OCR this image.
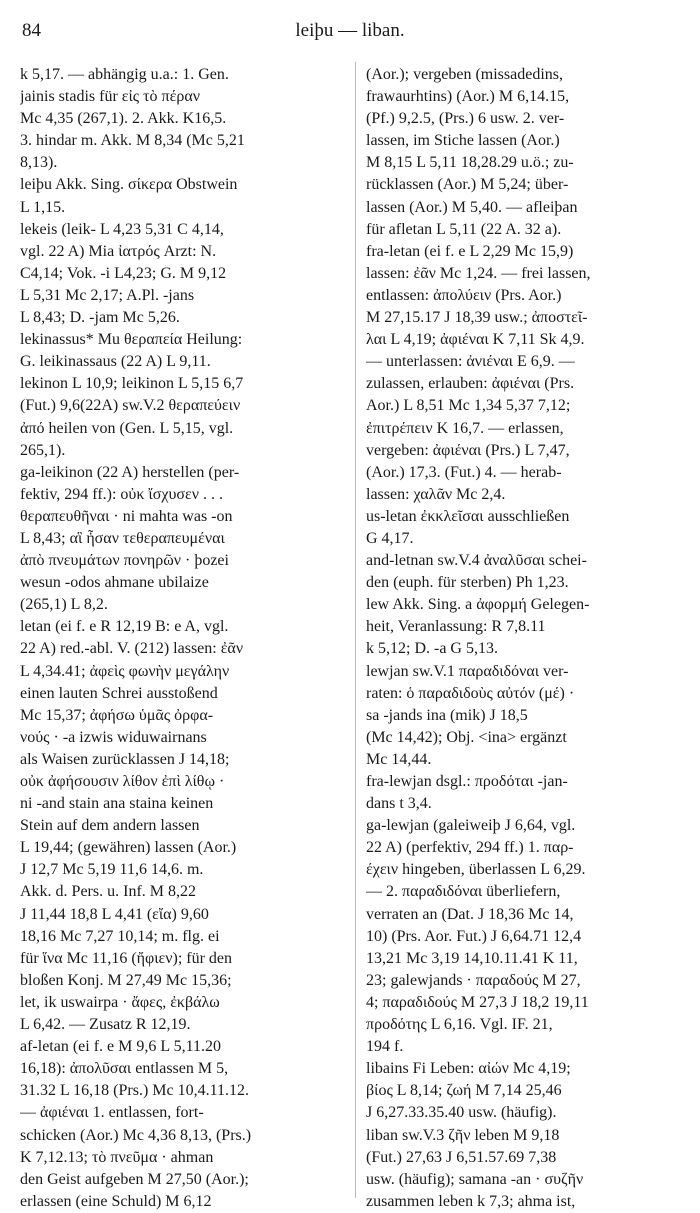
84	leiþu — liban.
k 5,17. — abhängig u.a.: 1. Gen.
jainis stadis für εἰς τὸ πέραν
Mc 4,35 (267,1). 2. Akk. K16,5.
3. hindar m. Akk. M 8,34 (Mc 5,21
8,13).
leiþu Akk. Sing. σίκερα Obstwein
L 1,15.
lekeis (leik- L 4,23 5,31 C 4,14,
vgl. 22 A) Mia ἰατρός Arzt: N.
C4,14; Vok. -i L4,23; G. M 9,12
L 5,31 Mc 2,17; A.Pl. -jans
L 8,43; D. -jam Mc 5,26.
lekinassus* Mu θεραπεία Heilung:
G. leikinassaus (22 A) L 9,11.
lekinon L 10,9; leikinon L 5,15 6,7
(Fut.) 9,6(22A) sw.V.2 θεραπεύειν
ἀπό heilen von (Gen. L 5,15, vgl.
265,1).
ga-leikinon (22 A) herstellen (per-
fektiv, 294 ff.): οὐκ ἴσχυσεν . . .
θεραπευθῆναι · ni mahta was -on
L 8,43; αἳ ἦσαν τεθεραπευμέναι
ἀπὸ πνευμάτων πονηρῶν · þozei
wesun -odos ahmane ubilaize
(265,1) L 8,2.
letan (ei f. e R 12,19 B: e A, vgl.
22 A) red.-abl. V. (212) lassen: ἐᾶν
L 4,34.41; ἀφεὶς φωνὴν μεγάλην
einen lauten Schrei ausstoßend
Mc 15,37; ἀφήσω ὑμᾶς ὀρφα-
νούς · -a izwis widuwairnans
als Waisen zurücklassen J 14,18;
οὐκ ἀφήσουσιν λίθον ἐπὶ λίθῳ ·
ni -and stain ana staina keinen
Stein auf dem andern lassen
L 19,44; (gewähren) lassen (Aor.)
J 12,7 Mc 5,19 11,6 14,6. m.
Akk. d. Pers. u. Inf. M 8,22
J 11,44 18,8 L 4,41 (εἴα) 9,60
18,16 Mc 7,27 10,14; m. flg. ei
für ἵνα Mc 11,16 (ἤφιεν); für den
bloßen Konj. M 27,49 Mc 15,36;
let, ik uswairpa · ἄφες, ἐκβάλω
L 6,42. — Zusatz R 12,19.
af-letan (ei f. e M 9,6 L 5,11.20
16,18): ἀπολῦσαι entlassen M 5,
31.32 L 16,18 (Prs.) Mc 10,4.11.12.
— ἀφιέναι 1. entlassen, fort-
schicken (Aor.) Mc 4,36 8,13, (Prs.)
K 7,12.13; τὸ πνεῦμα · ahman
den Geist aufgeben M 27,50 (Aor.);
erlassen (eine Schuld) M 6,12
(Aor.); vergeben (missadedins,
frawaurhtins) (Aor.) M 6,14.15,
(Pf.) 9,2.5, (Prs.) 6 usw. 2. ver-
lassen, im Stiche lassen (Aor.)
M 8,15 L 5,11 18,28.29 u.ö.; zu-
rücklassen (Aor.) M 5,24; über-
lassen (Aor.) M 5,40. — afleiþan
für afletan L 5,11 (22 A. 32 a).
fra-letan (ei f. e L 2,29 Mc 15,9)
lassen: ἐᾶν Mc 1,24. — frei lassen,
entlassen: ἀπολύειν (Prs. Aor.)
M 27,15.17 J 18,39 usw.; ἀποστεῖ-
λαι L 4,19; ἀφιέναι K 7,11 Sk 4,9.
— unterlassen: ἀνιέναι E 6,9. —
zulassen, erlauben: ἀφιέναι (Prs.
Aor.) L 8,51 Mc 1,34 5,37 7,12;
ἐπιτρέπειν K 16,7. — erlassen,
vergeben: ἀφιέναι (Prs.) L 7,47,
(Aor.) 17,3. (Fut.) 4. — herab-
lassen: χαλᾶν Mc 2,4.
us-letan ἐκκλεῖσαι ausschließen
G 4,17.
and-letnan sw.V.4 ἀναλῦσαι schei-
den (euph. für sterben) Ph 1,23.
lew Akk. Sing. a ἀφορμή Gelegen-
heit, Veranlassung: R 7,8.11
k 5,12; D. -a G 5,13.
lewjan sw.V.1 παραδιδόναι ver-
raten: ὁ παραδιδοὺς αὐτόν (μέ) ·
sa -jands ina (mik) J 18,5
(Mc 14,42); Obj. <ina> ergänzt
Mc 14,44.
fra-lewjan dsgl.: προδόται -jan-
dans t 3,4.
ga-lewjan (galeiweiþ J 6,64, vgl.
22 A) (perfektiv, 294 ff.) 1. παρ-
έχειν hingeben, überlassen L 6,29.
— 2. παραδιδόναι überliefern,
verraten an (Dat. J 18,36 Mc 14,
10) (Prs. Aor. Fut.) J 6,64.71 12,4
13,21 Mc 3,19 14,10.11.41 K 11,
23; galewjands · παραδούς M 27,
4; παραδιδούς M 27,3 J 18,2 19,11
προδότης L 6,16. Vgl. IF. 21,
194 f.
libains Fi Leben: αἰών Mc 4,19;
βίος L 8,14; ζωή M 7,14 25,46
J 6,27.33.35.40 usw. (häufig).
liban sw.V.3 ζῆν leben M 9,18
(Fut.) 27,63 J 6,51.57.69 7,38
usw. (häufig); samana -an · συζῆν
zusammen leben k 7,3; ahma ist,
